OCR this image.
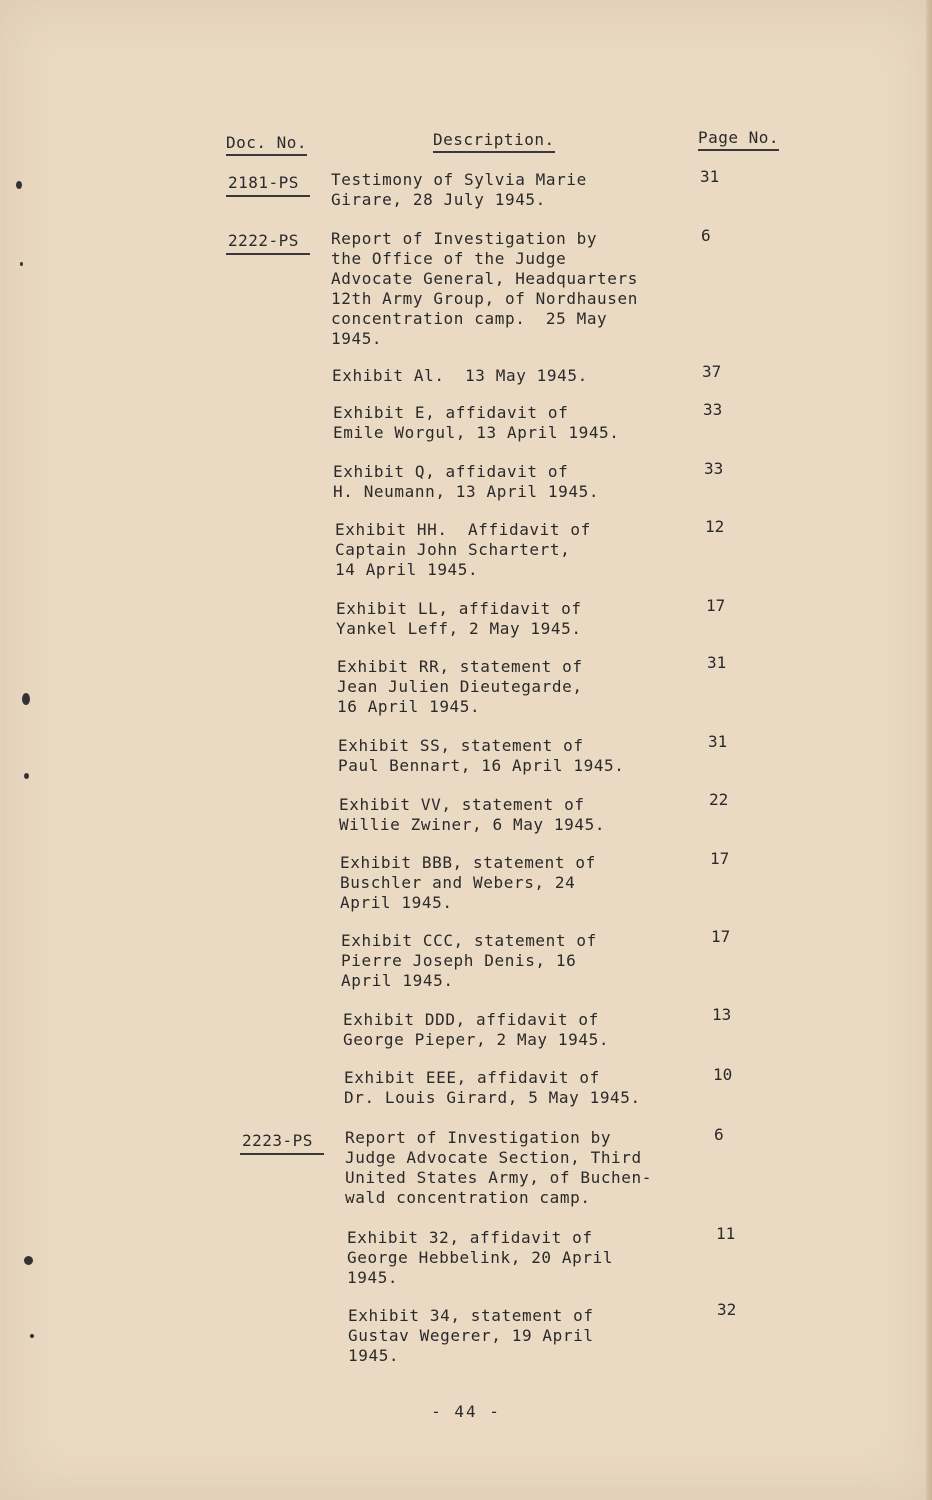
Doc. No.	Description.	Page No.
2181-PS
2222-PS
2223-PS
Testimony of Sylvia Marie
Girare, 28 July 1945.
Report of Investigation by
the Office of the Judge
Advocate General, Headquarters
12th Army Group, of Nordhausen
concentration camp.  25 May
1945.
Exhibit Al.  13 May 1945.
Exhibit E, affidavit of
Emile Worgul, 13 April 1945.
Exhibit Q, affidavit of
H. Neumann, 13 April 1945.
Exhibit HH.  Affidavit of
Captain John Schartert,
14 April 1945.
Exhibit LL, affidavit of
Yankel Leff, 2 May 1945.
Exhibit RR, statement of
Jean Julien Dieutegarde,
16 April 1945.
Exhibit SS, statement of
Paul Bennart, 16 April 1945.
Exhibit VV, statement of
Willie Zwiner, 6 May 1945.
Exhibit BBB, statement of
Buschler and Webers, 24
April 1945.
Exhibit CCC, statement of
Pierre Joseph Denis, 16
April 1945.
Exhibit DDD, affidavit of
George Pieper, 2 May 1945.
Exhibit EEE, affidavit of
Dr. Louis Girard, 5 May 1945.
Report of Investigation by
Judge Advocate Section, Third
United States Army, of Buchen-
wald concentration camp.
Exhibit 32, affidavit of
George Hebbelink, 20 April
1945.
Exhibit 34, statement of
Gustav Wegerer, 19 April
1945.
31
6
37
33
33
12
17
31
31
22
17
17
13
10
6
11
32
- 44 -
